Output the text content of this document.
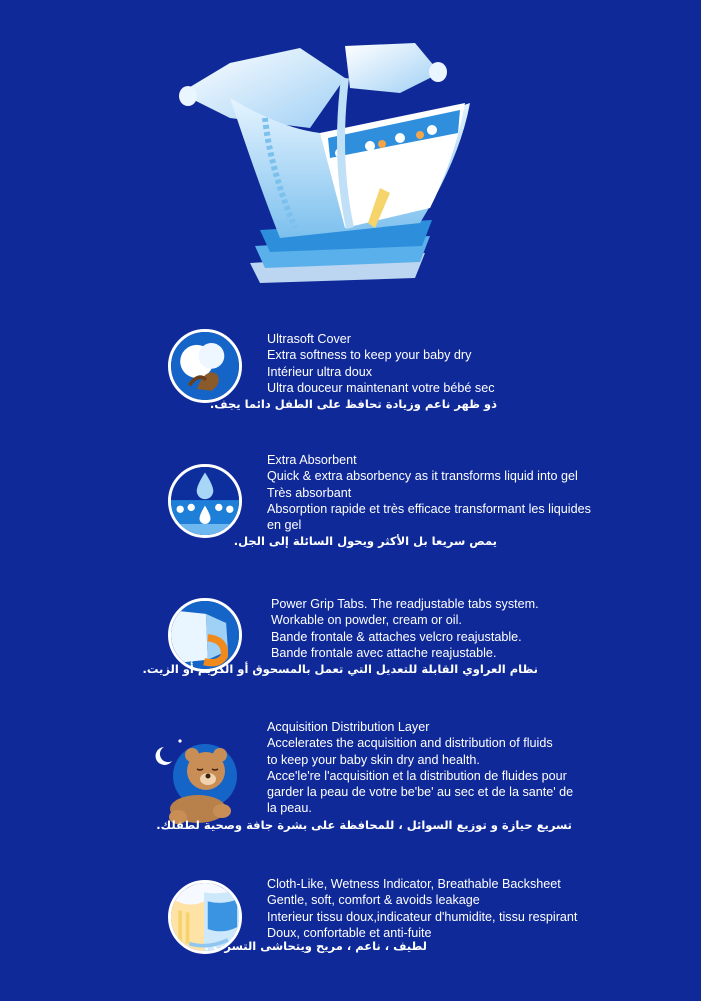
Ultrasoft Cover
Extra softness to keep your baby dry
Intérieur ultra doux
Ultra douceur maintenant votre bébé sec
ذو ظهر ناعم وزيادة تحافظ على الطفل دائما يجف.
Extra Absorbent
Quick & extra absorbency as it transforms liquid into gel
Très absorbant
Absorption rapide et très efficace transformant les liquides en gel
يمص سريعا بل الأكثر ويحول السائلة إلى الجل.
Power Grip Tabs. The readjustable tabs system.
Workable on powder, cream or oil.
Bande frontale & attaches velcro reajustable.
Bande frontale avec attache reajustable.
نظام العراوي القابلة للتعديل التي تعمل بالمسحوق أو الكريم أو الزيت.
Acquisition Distribution Layer
Accelerates the acquisition and distribution of fluids
to keep your baby skin dry and health.
Acce'le're l'acquisition et la distribution de fluides pour garder la peau de votre be'be' au sec et de la sante' de la peau.
تسريع حيازة و توزيع السوائل ، للمحافظة على بشرة جافة وصحية لطفلك.
Cloth-Like, Wetness Indicator, Breathable Backsheet
Gentle, soft, comfort & avoids leakage
Interieur tissu doux,indicateur d'humidite, tissu respirant
Doux, confortable et anti-fuite
لطيف ، ناعم ، مريح ويتحاشى التسرب .
